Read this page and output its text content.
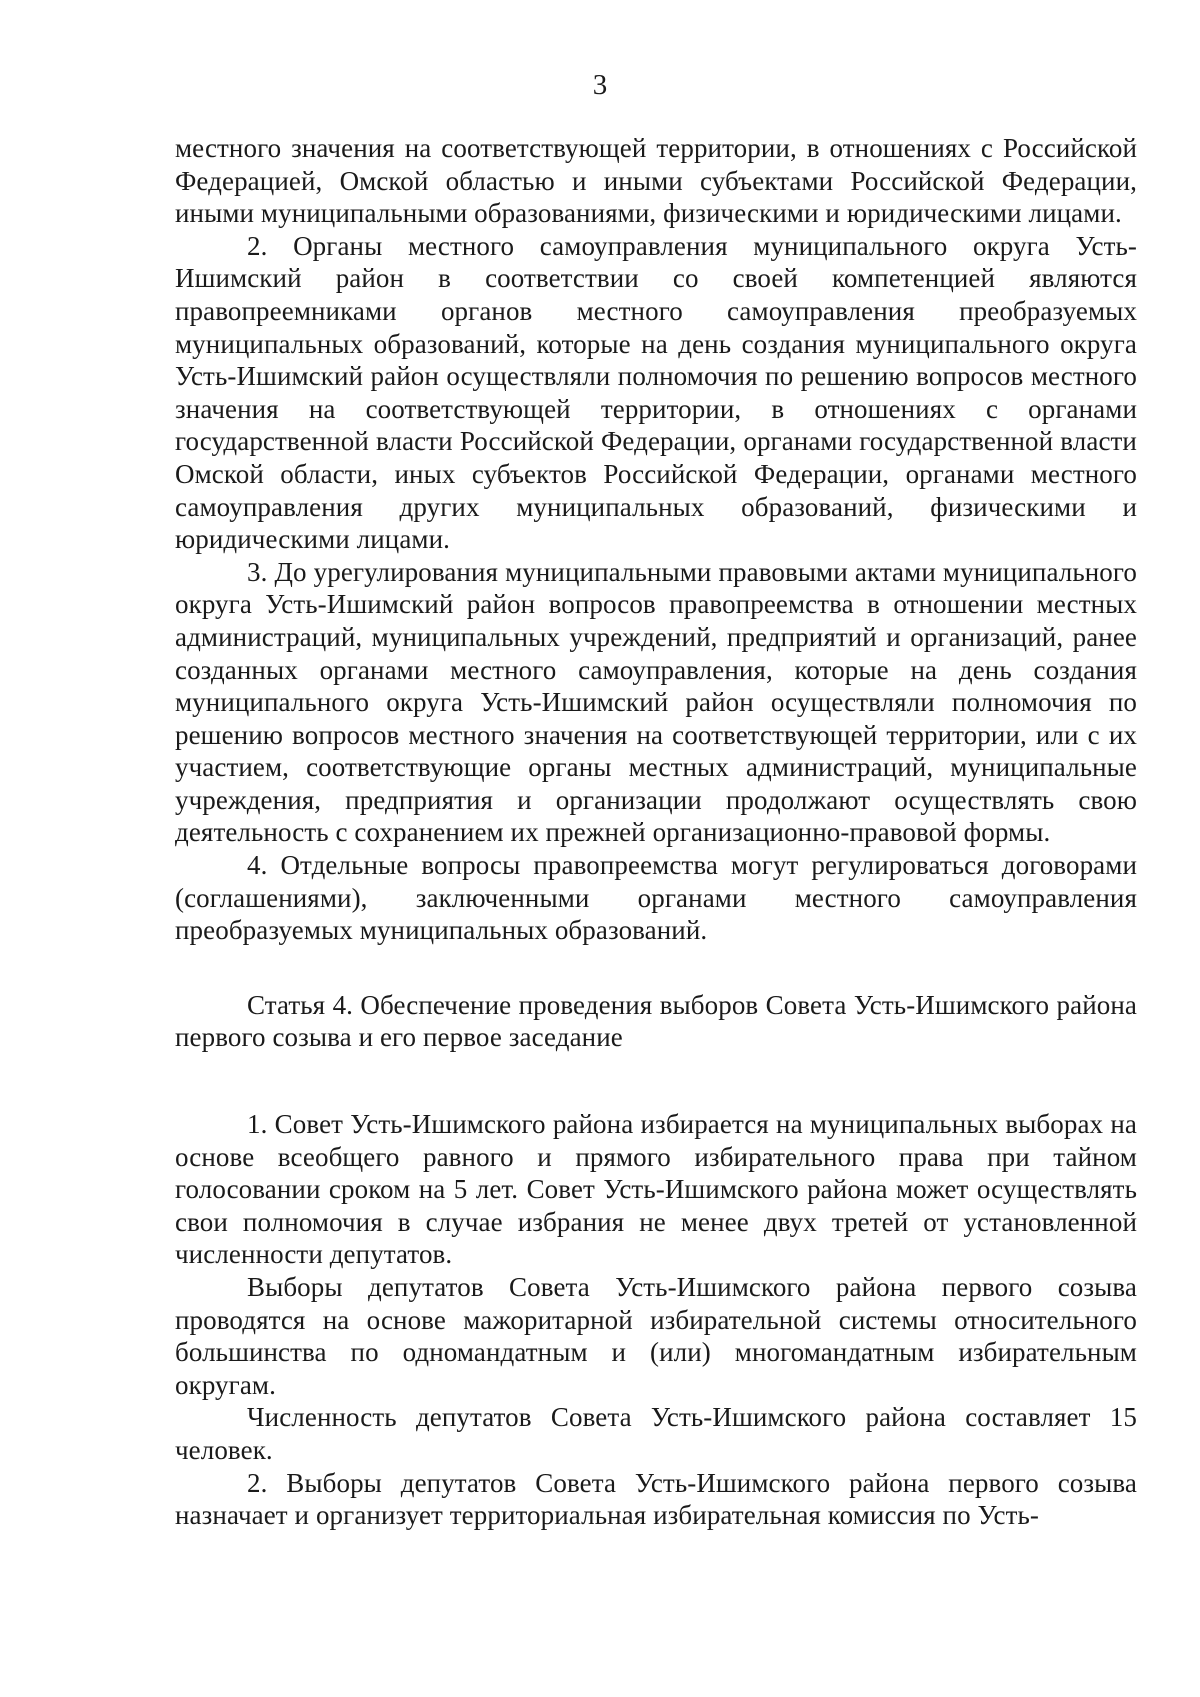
3

местного значения на соответствующей территории, в отношениях с Российской Федерацией, Омской областью и иными субъектами Российской Федерации, иными муниципальными образованиями, физическими и юридическими лицами.

2. Органы местного самоуправления муниципального округа Усть-Ишимский район в соответствии со своей компетенцией являются правопреемниками органов местного самоуправления преобразуемых муниципальных образований, которые на день создания муниципального округа Усть-Ишимский район осуществляли полномочия по решению вопросов местного значения на соответствующей территории, в отношениях с органами государственной власти Российской Федерации, органами государственной власти Омской области, иных субъектов Российской Федерации, органами местного самоуправления других муниципальных образований, физическими и юридическими лицами.

3. До урегулирования муниципальными правовыми актами муниципального округа Усть-Ишимский район вопросов правопреемства в отношении местных администраций, муниципальных учреждений, предприятий и организаций, ранее созданных органами местного самоуправления, которые на день создания муниципального округа Усть-Ишимский район осуществляли полномочия по решению вопросов местного значения на соответствующей территории, или с их участием, соответствующие органы местных администраций, муниципальные учреждения, предприятия и организации продолжают осуществлять свою деятельность с сохранением их прежней организационно-правовой формы.

4. Отдельные вопросы правопреемства могут регулироваться договорами (соглашениями), заключенными органами местного самоуправления преобразуемых муниципальных образований.

Статья 4. Обеспечение проведения выборов Совета Усть-Ишимского района первого созыва и его первое заседание

1. Совет Усть-Ишимского района избирается на муниципальных выборах на основе всеобщего равного и прямого избирательного права при тайном голосовании сроком на 5 лет. Совет Усть-Ишимского района может осуществлять свои полномочия в случае избрания не менее двух третей от установленной численности депутатов.

Выборы депутатов Совета Усть-Ишимского района первого созыва проводятся на основе мажоритарной избирательной системы относительного большинства по одномандатным и (или) многомандатным избирательным округам.

Численность депутатов Совета Усть-Ишимского района составляет 15 человек.

2. Выборы депутатов Совета Усть-Ишимского района первого созыва назначает и организует территориальная избирательная комиссия по Усть-
